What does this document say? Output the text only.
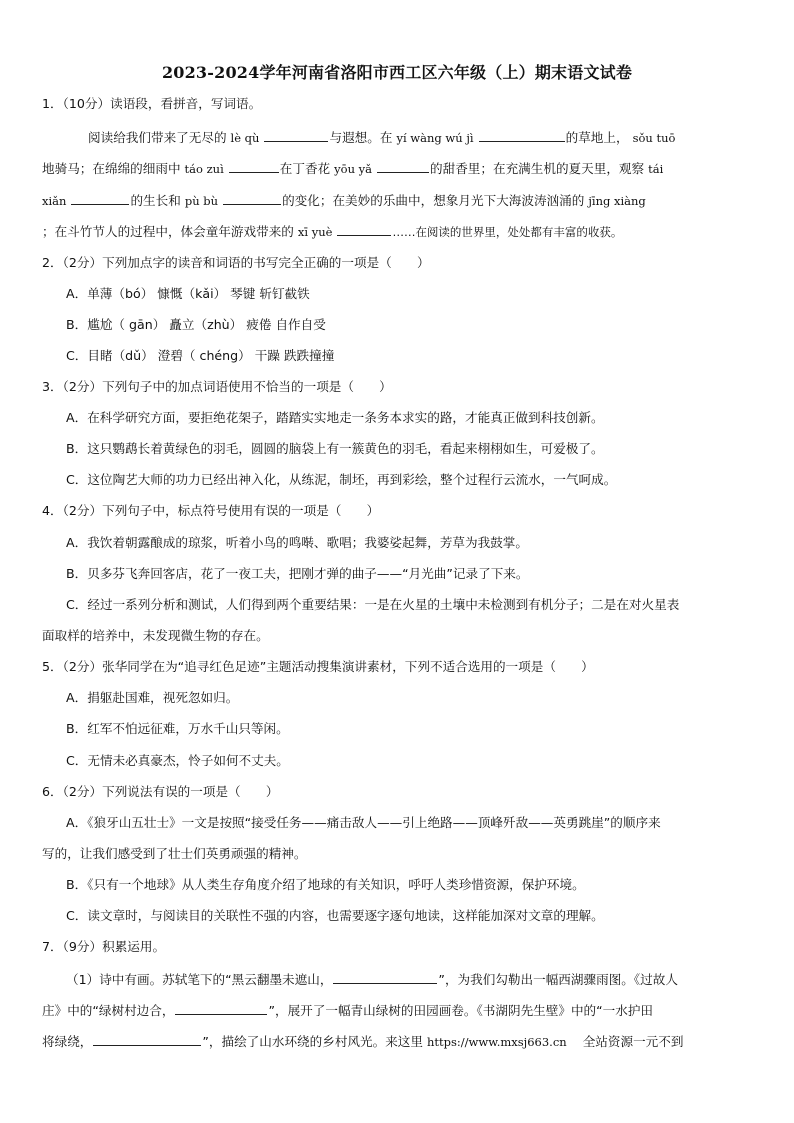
2023-2024学年河南省洛阳市西工区六年级（上）期末语文试卷
1．（10分）读语段，看拼音，写词语。
阅读给我们带来了无尽的 lè qù	与遐想。在 yí wàng wú jì	的草地上， sǒu tuō
地骑马；在绵绵的细雨中 táo zuì	在丁香花 yōu yǎ	的甜香里；在充满生机的夏天里，观察 tái
xiǎn	的生长和 pù bù	的变化；在美妙的乐曲中，想象月光下大海波涛汹涌的 jīng xiàng
；在斗竹节人的过程中，体会童年游戏带来的 xī yuè	……在阅读的世界里，处处都有丰富的收获。
2．（2分）下列加点字的读音和词语的书写完全正确的一项是（　　）
A．单薄（bó） 慷慨（kǎi） 琴键 斩钉截铁
B．尴尬（ gān） 矗立（zhù） 疲倦 自作自受
C．目睹（dǔ） 澄碧（ chéng） 干躁 跌跌撞撞
3．（2分）下列句子中的加点词语使用不恰当的一项是（　　）
A．在科学研究方面，要拒绝花架子，踏踏实实地走一条务本求实的路，才能真正做到科技创新。
B．这只鹦鹉长着黄绿色的羽毛，圆圆的脑袋上有一簇黄色的羽毛，看起来栩栩如生，可爱极了。
C．这位陶艺大师的功力已经出神入化，从练泥，制坯，再到彩绘，整个过程行云流水，一气呵成。
4．（2分）下列句子中，标点符号使用有误的一项是（　　）
A．我饮着朝露酿成的琼浆，听着小鸟的鸣啭、歌唱；我婆娑起舞，芳草为我鼓掌。
B．贝多芬飞奔回客店，花了一夜工夫，把刚才弹的曲子——“月光曲”记录了下来。
C．经过一系列分析和测试，人们得到两个重要结果：一是在火星的土壤中未检测到有机分子；二是在对火星表
面取样的培养中，未发现微生物的存在。
5．（2分）张华同学在为“追寻红色足迹”主题活动搜集演讲素材，下列不适合选用的一项是（　　）
A．捐躯赴国难，视死忽如归。
B．红军不怕远征难，万水千山只等闲。
C．无情未必真豪杰，怜子如何不丈夫。
6．（2分）下列说法有误的一项是（　　）
A．《狼牙山五壮士》一文是按照“接受任务——痛击敌人——引上绝路——顶峰歼敌——英勇跳崖”的顺序来
写的，让我们感受到了壮士们英勇顽强的精神。
B．《只有一个地球》从人类生存角度介绍了地球的有关知识，呼吁人类珍惜资源，保护环境。
C．读文章时，与阅读目的关联性不强的内容，也需要逐字逐句地读，这样能加深对文章的理解。
7．（9分）积累运用。
（1）诗中有画。苏轼笔下的“黑云翻墨未遮山，	”，为我们勾勒出一幅西湖骤雨图。《过故人
庄》中的“绿树村边合，	”，展开了一幅青山绿树的田园画卷。《书湖阴先生壁》中的“一水护田
将绿绕，	”，描绘了山水环绕的乡村风光。来这里 https://www.mxsj663.cn 全站资源一元不到
